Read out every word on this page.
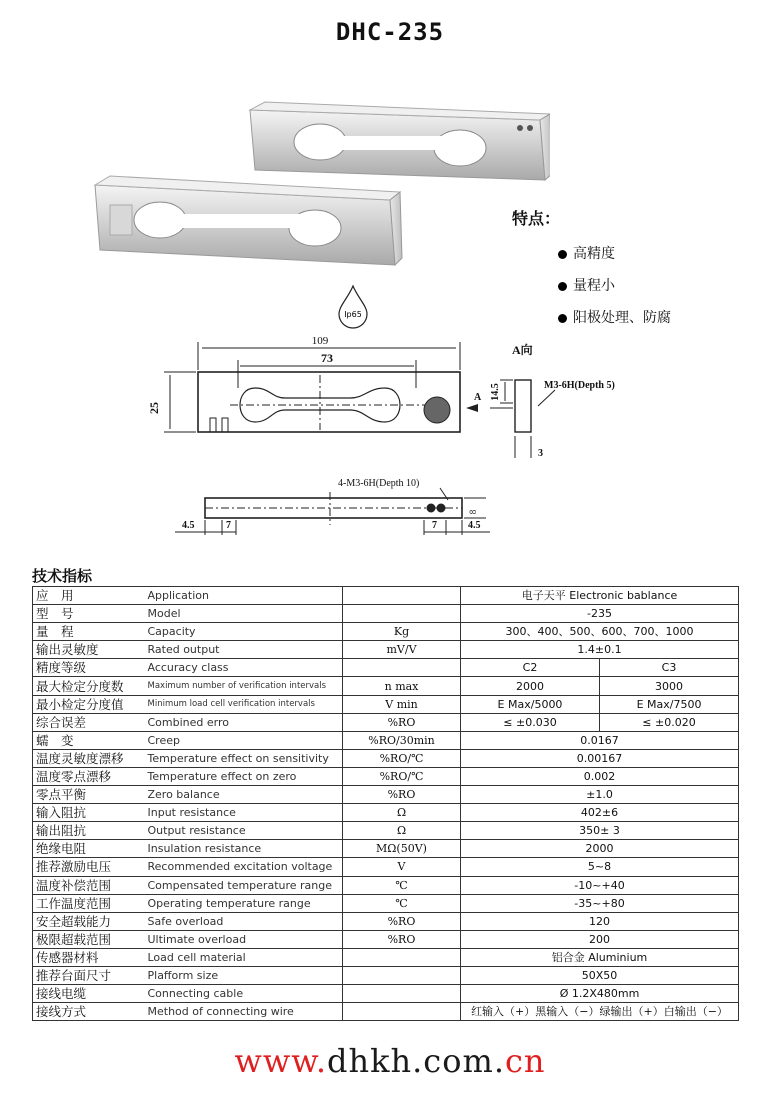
DHC-235
特点：
高精度
量程小
阳极处理、防腐
Ip65
109
73
25
A向
A 14.5	M3-6H(Depth 5)
3
4-M3-6H(Depth 10)
4.5	7	7	4.5
8
技术指标
应　用	Application		电子天平 Electronic bablance	
型　号	Model		-235	
量　程	Capacity	Kg	300、400、500、600、700、1000	
输出灵敏度	Rated output	mV/V	1.4±0.1	
精度等级	Accuracy class		C2	C3
最大检定分度数	Maximum number of verification intervals	n max	2000	3000
最小检定分度值	Minimum load cell verification intervals	V min	E Max/5000	E Max/7500
综合误差	Combined erro	%RO	≤ ±0.030	≤ ±0.020
蠕　变	Creep	%RO/30min	0.0167	
温度灵敏度漂移	Temperature effect on sensitivity	%RO/℃	0.00167	
温度零点漂移	Temperature effect on zero	%RO/℃	0.002	
零点平衡	Zero balance	%RO	±1.0	
输入阻抗	Input resistance	Ω	402±6	
输出阻抗	Output resistance	Ω	350± 3	
绝缘电阻	Insulation resistance	MΩ(50V)	2000	
推荐激励电压	Recommended excitation voltage	V	5~8	
温度补偿范围	Compensated temperature range	℃	-10~+40	
工作温度范围	Operating temperature range	℃	-35~+80	
安全超载能力	Safe overload	%RO	120	
极限超载范围	Ultimate overload	%RO	200	
传感器材料	Load cell material		铝合金 Aluminium	
推荐台面尺寸	Plafform size		50X50	
接线电缆	Connecting cable		Ø 1.2X480mm	
接线方式	Method of connecting wire		红输入（+）黑输入（−）绿输出（+）白输出（−）	
www.dhkh.com.cn
